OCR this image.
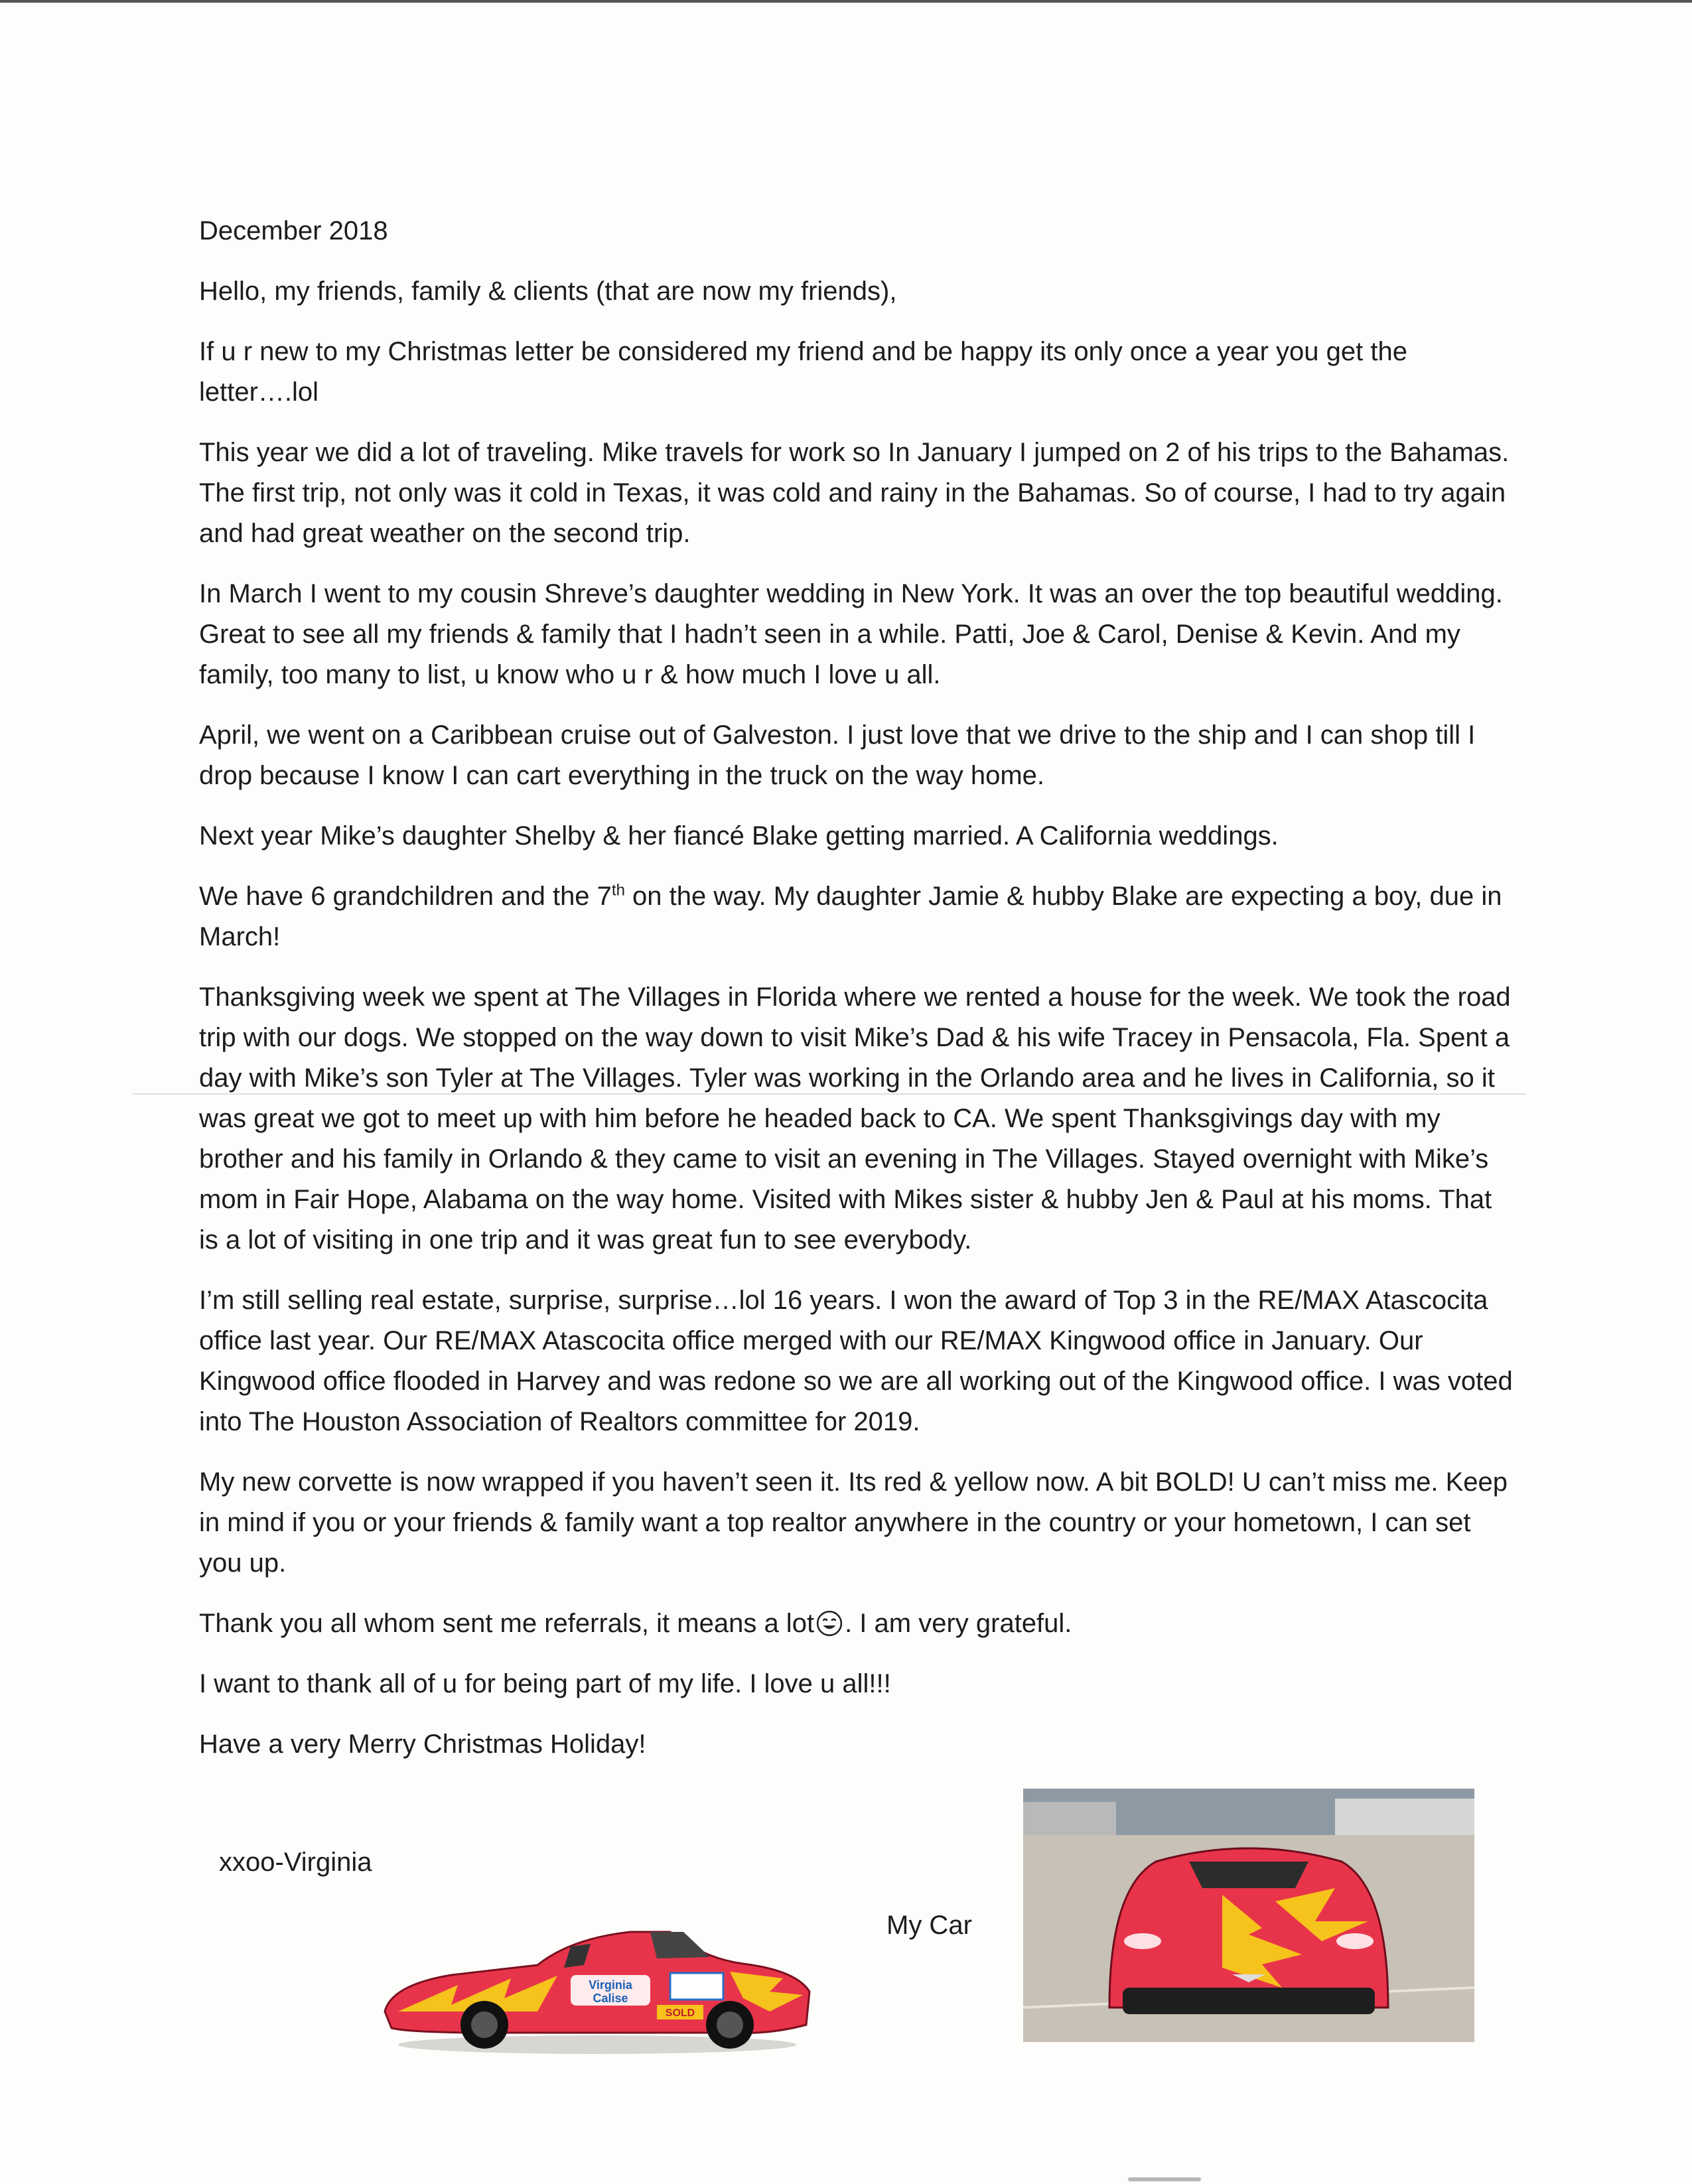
December 2018

Hello, my friends, family & clients (that are now my friends),

If u r new to my Christmas letter be considered my friend and be happy its only once a year you get the letter….lol

This year we did a lot of traveling. Mike travels for work so In January I jumped on 2 of his trips to the Bahamas. The first trip, not only was it cold in Texas, it was cold and rainy in the Bahamas. So of course, I had to try again and had great weather on the second trip.

In March I went to my cousin Shreve’s daughter wedding in New York. It was an over the top beautiful wedding. Great to see all my friends & family that I hadn’t seen in a while. Patti, Joe & Carol, Denise & Kevin. And my family, too many to list, u know who u r & how much I love u all.

April, we went on a Caribbean cruise out of Galveston. I just love that we drive to the ship and I can shop till I drop because I know I can cart everything in the truck on the way home.

Next year Mike’s daughter Shelby & her fiancé Blake getting married. A California weddings.

We have 6 grandchildren and the 7th on the way. My daughter Jamie & hubby Blake are expecting a boy, due in March!

Thanksgiving week we spent at The Villages in Florida where we rented a house for the week. We took the road trip with our dogs. We stopped on the way down to visit Mike’s Dad & his wife Tracey in Pensacola, Fla. Spent a day with Mike’s son Tyler at The Villages. Tyler was working in the Orlando area and he lives in California, so it was great we got to meet up with him before he headed back to CA. We spent Thanksgivings day with my brother and his family in Orlando & they came to visit an evening in The Villages. Stayed overnight with Mike’s mom in Fair Hope, Alabama on the way home. Visited with Mikes sister & hubby Jen & Paul at his moms. That is a lot of visiting in one trip and it was great fun to see everybody.

I’m still selling real estate, surprise, surprise…lol 16 years. I won the award of Top 3 in the RE/MAX Atascocita office last year. Our RE/MAX Atascocita office merged with our RE/MAX Kingwood office in January. Our Kingwood office flooded in Harvey and was redone so we are all working out of the Kingwood office. I was voted into The Houston Association of Realtors committee for 2019.

My new corvette is now wrapped if you haven’t seen it. Its red & yellow now. A bit BOLD! U can’t miss me. Keep in mind if you or your friends & family want a top realtor anywhere in the country or your hometown, I can set you up.

Thank you all whom sent me referrals, it means a lot . I am very grateful.

I want to thank all of u for being part of my life. I love u all!!!

Have a very Merry Christmas Holiday!

xxoo-Virginia
My Car
Virginia
Calise
SOLD
